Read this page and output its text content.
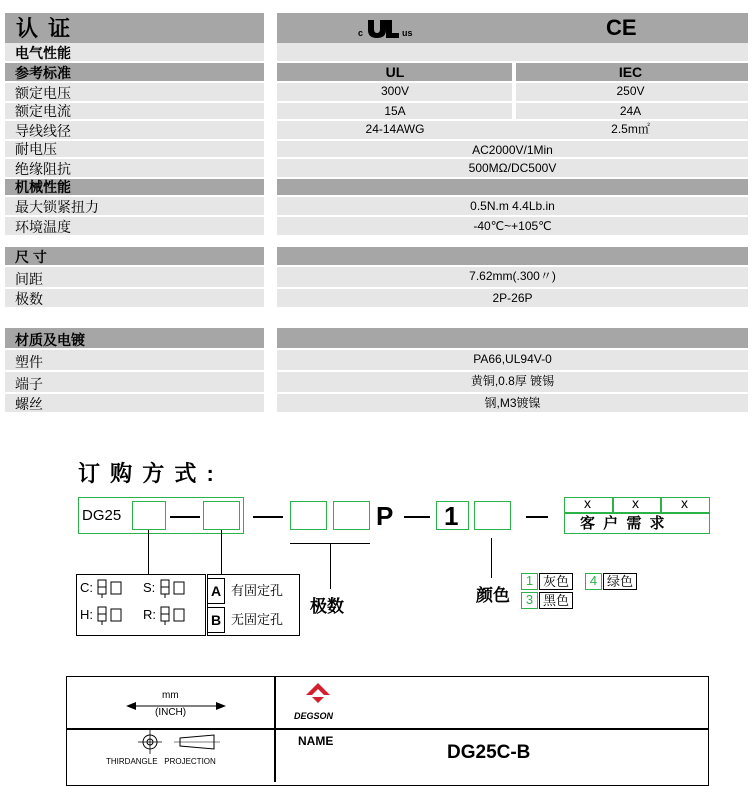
认 证	c	us	CE
电气性能
参考标准	UL	IEC
额定电压	300V	250V
额定电流	15A	24A
导线线径	24-14AWG	2.5m㎡
耐电压	AC2000V/1Min
绝缘阻抗	500MΩ/DC500V
机械性能
最大锁紧扭力	0.5N.m 4.4Lb.in
环境温度	-40℃~+105℃
尺 寸
间距	7.62mm(.300〃)
极数	2P-26P
材质及电镀
塑件	PA66,UL94V-0
端子	黄铜,0.8厚 镀锡
螺丝	钢,M3镀镍
订 购 方 式 :
DG25	P 1	x	x	x
客 户 需 求
C:	S:
H:	R:
A 有固定孔
B 无固定孔
极数
颜色
1 灰色
3 黑色
4 绿色
mm
(INCH)
THIRDANGLE   PROJECTION
DEGSON
NAME
DG25C-B
